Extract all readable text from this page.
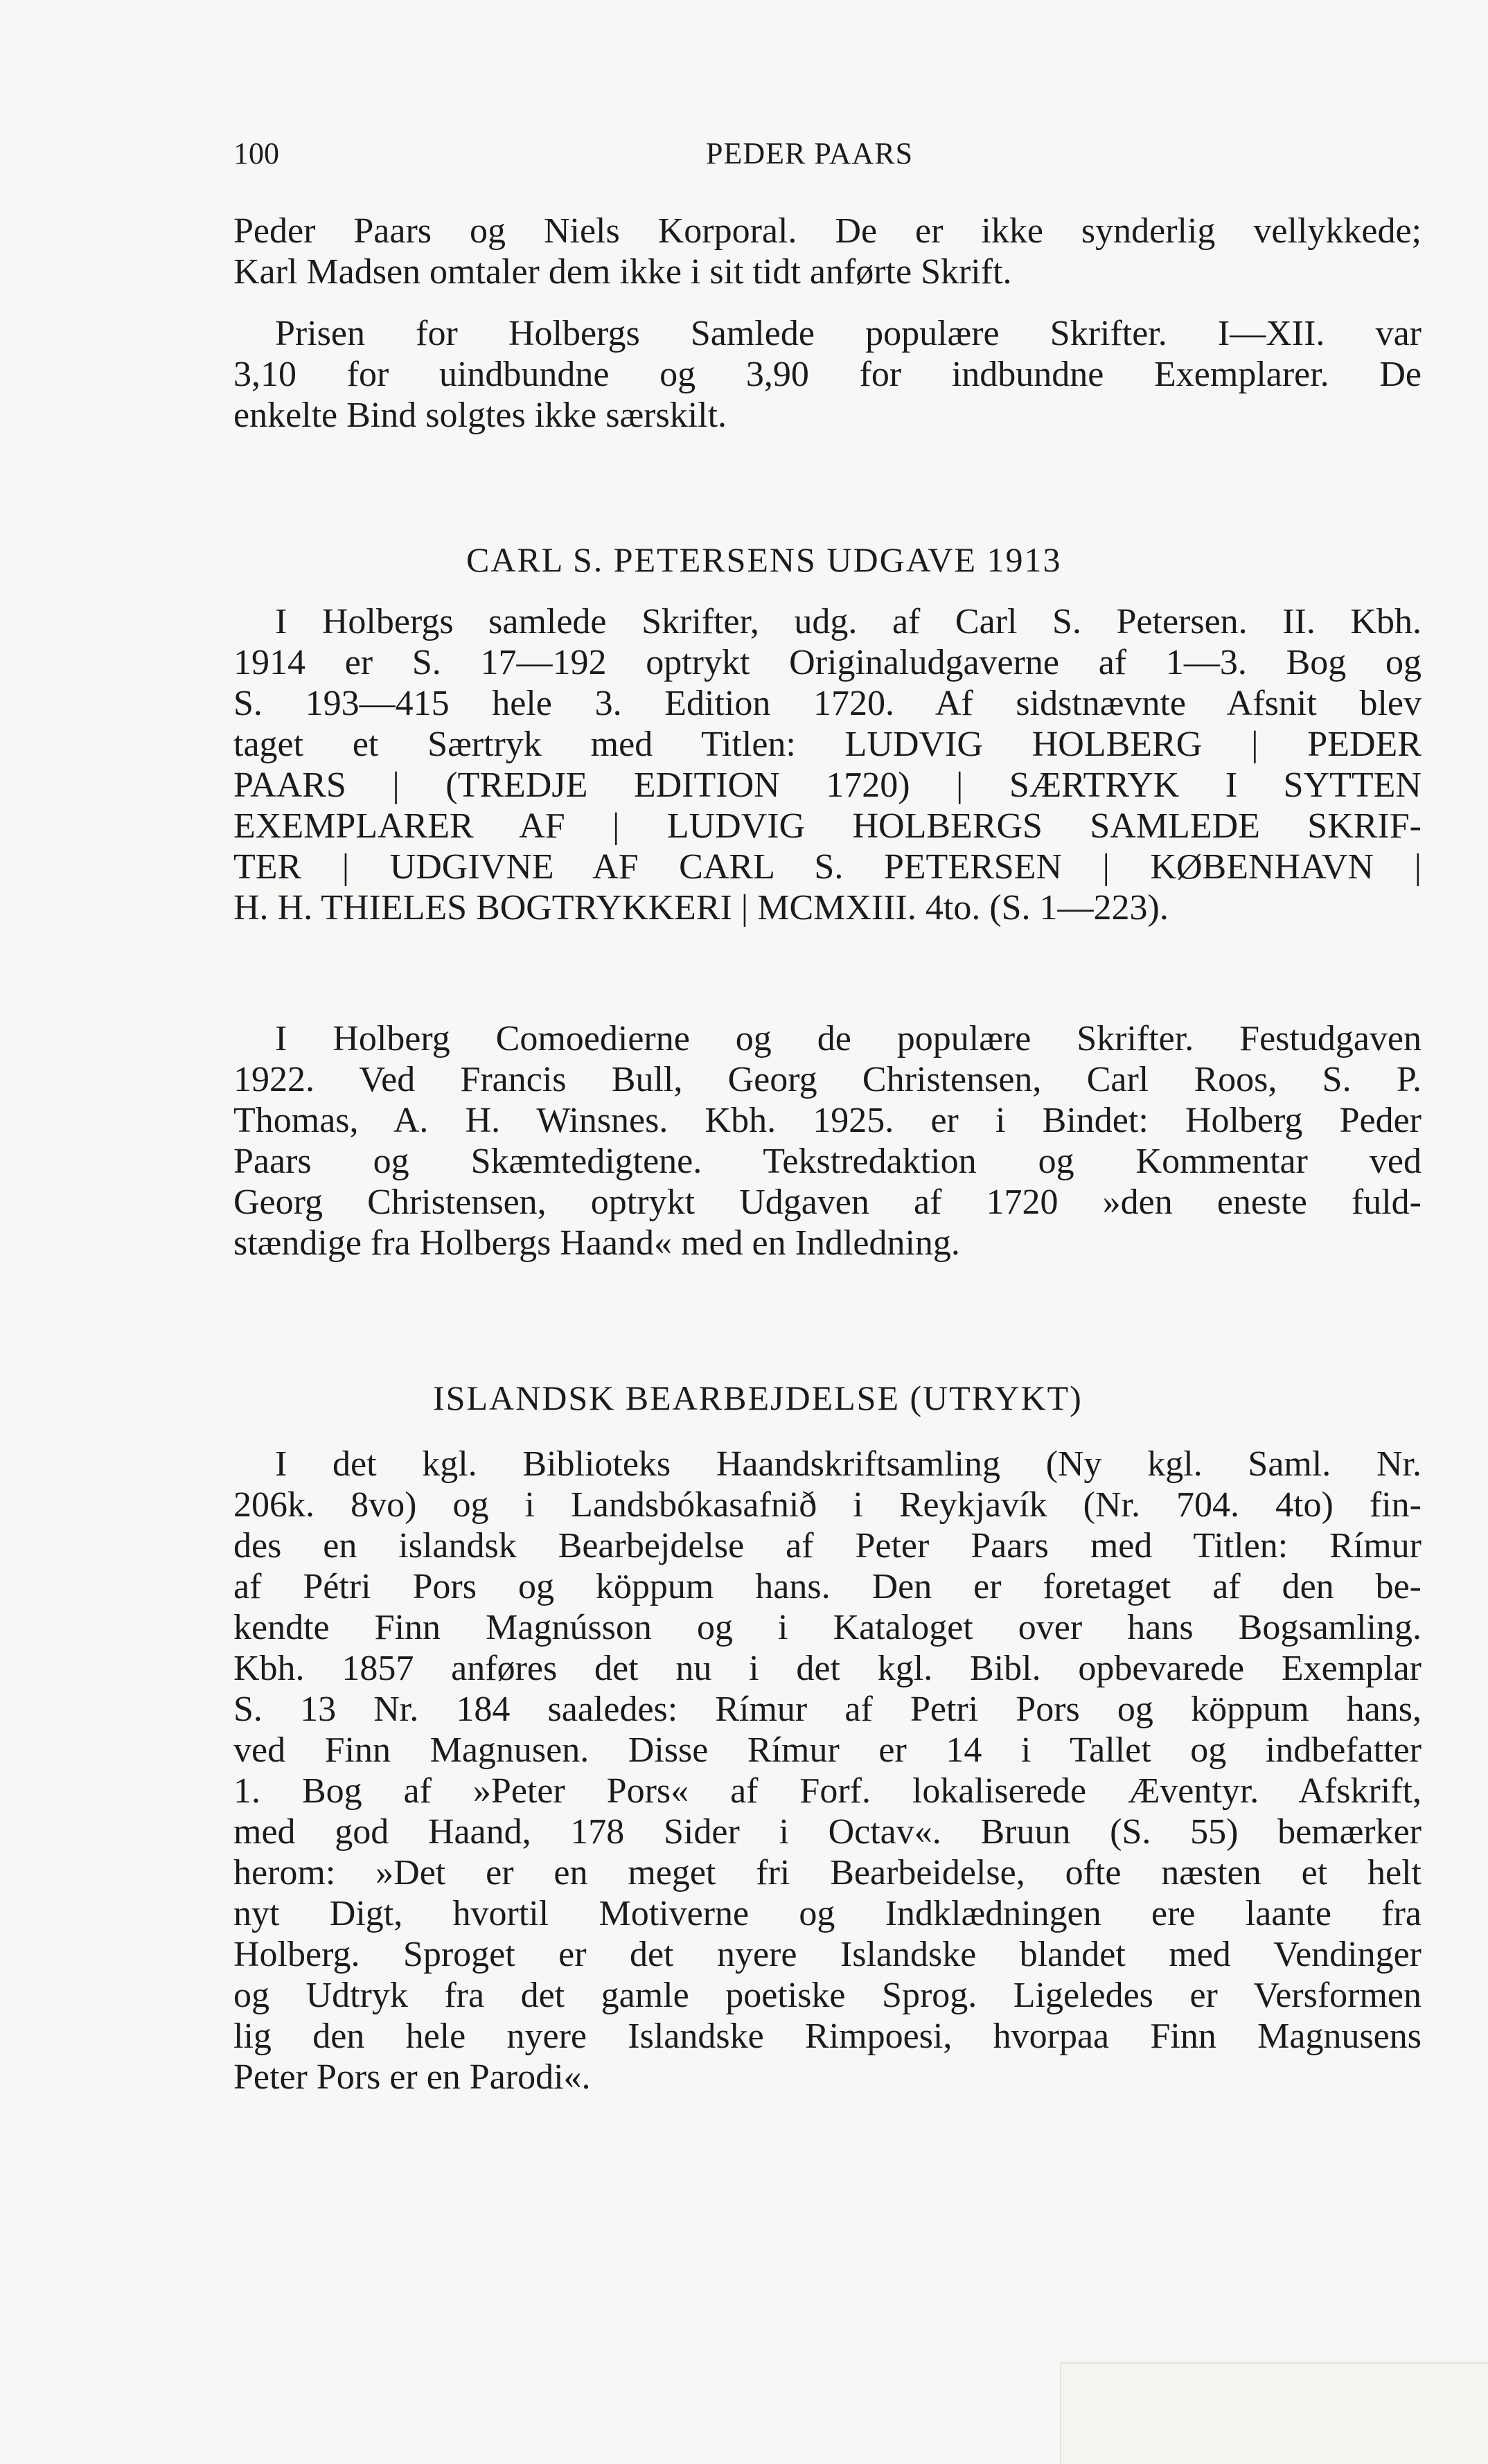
100	PEDER PAARS
Peder Paars og Niels Korporal. De er ikke synderlig vellykkede;
Karl Madsen omtaler dem ikke i sit tidt anførte Skrift.
Prisen for Holbergs Samlede populære Skrifter. I—XII. var
3,10 for uindbundne og 3,90 for indbundne Exemplarer. De
enkelte Bind solgtes ikke særskilt.
CARL S. PETERSENS UDGAVE 1913
I Holbergs samlede Skrifter, udg. af Carl S. Petersen. II. Kbh.
1914 er S. 17—192 optrykt Originaludgaverne af 1—3. Bog og
S. 193—415 hele 3. Edition 1720. Af sidstnævnte Afsnit blev
taget et Særtryk med Titlen: LUDVIG HOLBERG | PEDER
PAARS | (TREDJE EDITION 1720) | SÆRTRYK I SYTTEN
EXEMPLARER AF | LUDVIG HOLBERGS SAMLEDE SKRIF-
TER | UDGIVNE AF CARL S. PETERSEN | KØBENHAVN |
H. H. THIELES BOGTRYKKERI | MCMXIII. 4to. (S. 1—223).
I Holberg Comoedierne og de populære Skrifter. Festudgaven
1922. Ved Francis Bull, Georg Christensen, Carl Roos, S. P.
Thomas, A. H. Winsnes. Kbh. 1925. er i Bindet: Holberg Peder
Paars og Skæmtedigtene. Tekstredaktion og Kommentar ved
Georg Christensen, optrykt Udgaven af 1720 »den eneste fuld-
stændige fra Holbergs Haand« med en Indledning.
ISLANDSK BEARBEJDELSE (UTRYKT)
I det kgl. Biblioteks Haandskriftsamling (Ny kgl. Saml. Nr.
206k. 8vo) og i Landsbókasafnið i Reykjavík (Nr. 704. 4to) fin-
des en islandsk Bearbejdelse af Peter Paars med Titlen: Rímur
af Pétri Pors og köppum hans. Den er foretaget af den be-
kendte Finn Magnússon og i Kataloget over hans Bogsamling.
Kbh. 1857 anføres det nu i det kgl. Bibl. opbevarede Exemplar
S. 13 Nr. 184 saaledes: Rímur af Petri Pors og köppum hans,
ved Finn Magnusen. Disse Rímur er 14 i Tallet og indbefatter
1. Bog af »Peter Pors« af Forf. lokaliserede Æventyr. Afskrift,
med god Haand, 178 Sider i Octav«. Bruun (S. 55) bemærker
herom: »Det er en meget fri Bearbeidelse, ofte næsten et helt
nyt Digt, hvortil Motiverne og Indklædningen ere laante fra
Holberg. Sproget er det nyere Islandske blandet med Vendinger
og Udtryk fra det gamle poetiske Sprog. Ligeledes er Versformen
lig den hele nyere Islandske Rimpoesi, hvorpaa Finn Magnusens
Peter Pors er en Parodi«.
